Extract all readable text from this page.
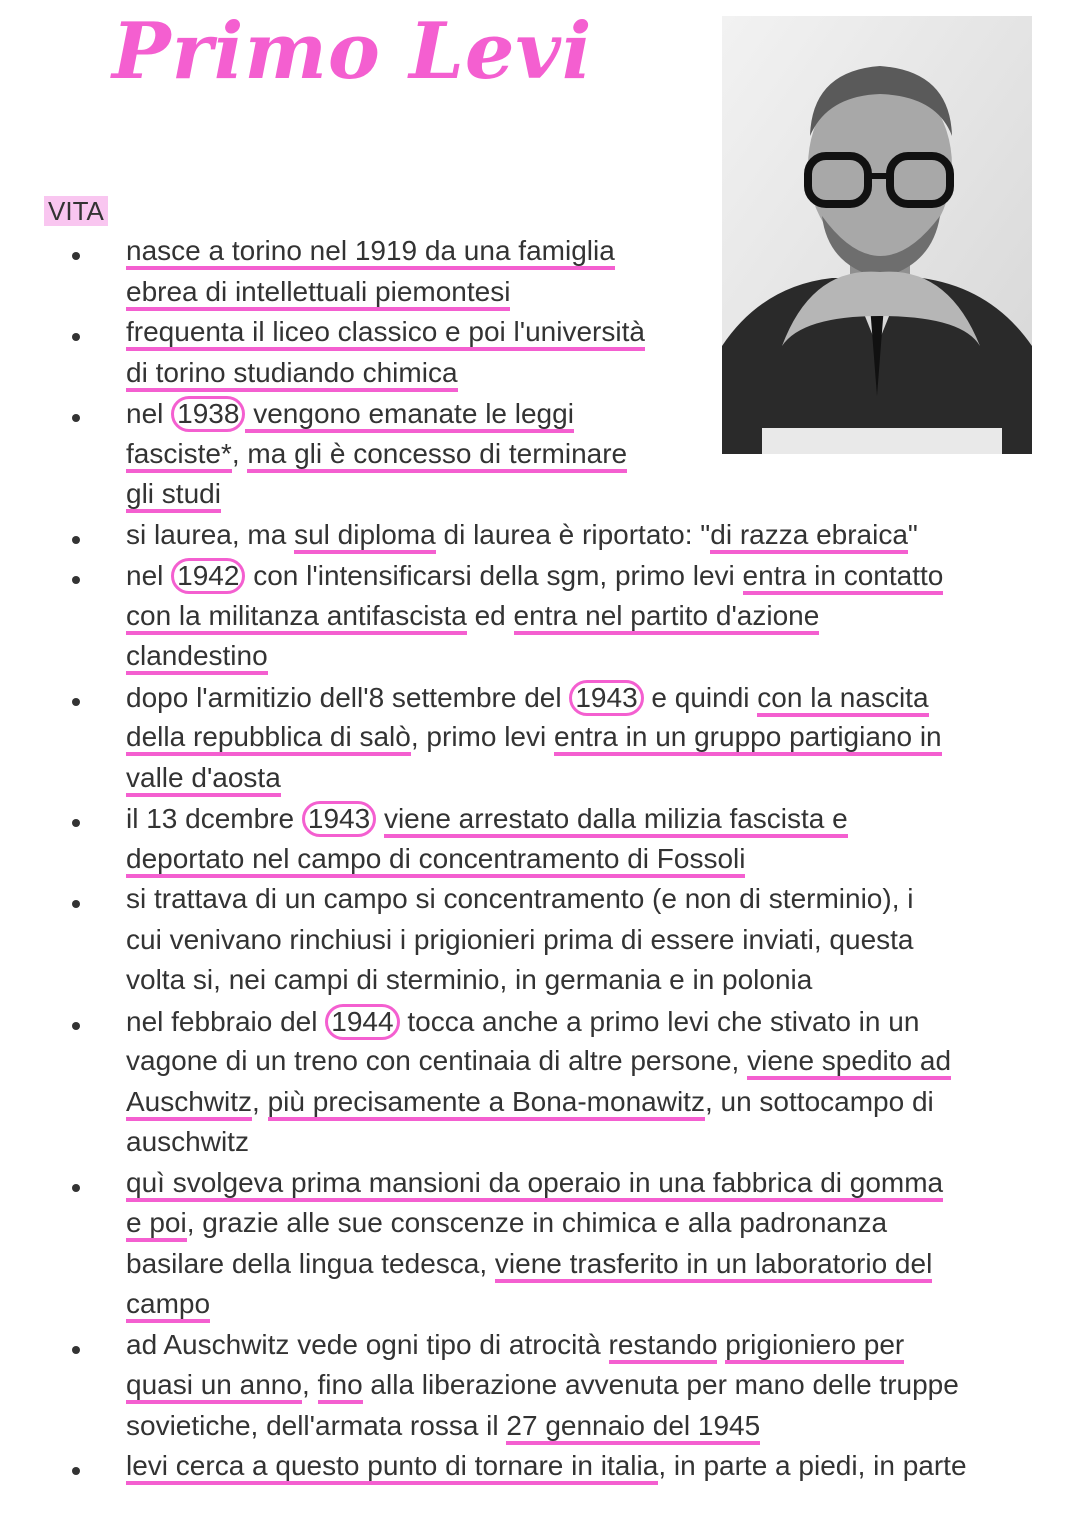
Primo Levi
VITA
nasce a torino nel 1919 da una famiglia
ebrea di intellettuali piemontesi
frequenta il liceo classico e poi l'università
di torino studiando chimica
nel 1938 vengono emanate le leggi
fasciste*, ma gli è concesso di terminare
gli studi
si laurea, ma sul diploma di laurea è riportato: "di razza ebraica"
nel 1942 con l'intensificarsi della sgm, primo levi entra in contatto
con la militanza antifascista ed entra nel partito d'azione
clandestino
dopo l'armitizio dell'8 settembre del 1943 e quindi con la nascita
della repubblica di salò, primo levi entra in un gruppo partigiano in
valle d'aosta
il 13 dcembre 1943 viene arrestato dalla milizia fascista e
deportato nel campo di concentramento di Fossoli
si trattava di un campo si concentramento (e non di sterminio), i
cui venivano rinchiusi i prigionieri prima di essere inviati, questa
volta si, nei campi di sterminio, in germania e in polonia
nel febbraio del 1944 tocca anche a primo levi che stivato in un
vagone di un treno con centinaia di altre persone, viene spedito ad
Auschwitz, più precisamente a Bona-monawitz, un sottocampo di
auschwitz
quì svolgeva prima mansioni da operaio in una fabbrica di gomma
e poi, grazie alle sue conscenze in chimica e alla padronanza
basilare della lingua tedesca, viene trasferito in un laboratorio del
campo
ad Auschwitz vede ogni tipo di atrocità restando prigioniero per
quasi un anno, fino alla liberazione avvenuta per mano delle truppe
sovietiche, dell'armata rossa il 27 gennaio del 1945
levi cerca a questo punto di tornare in italia, in parte a piedi, in parte
